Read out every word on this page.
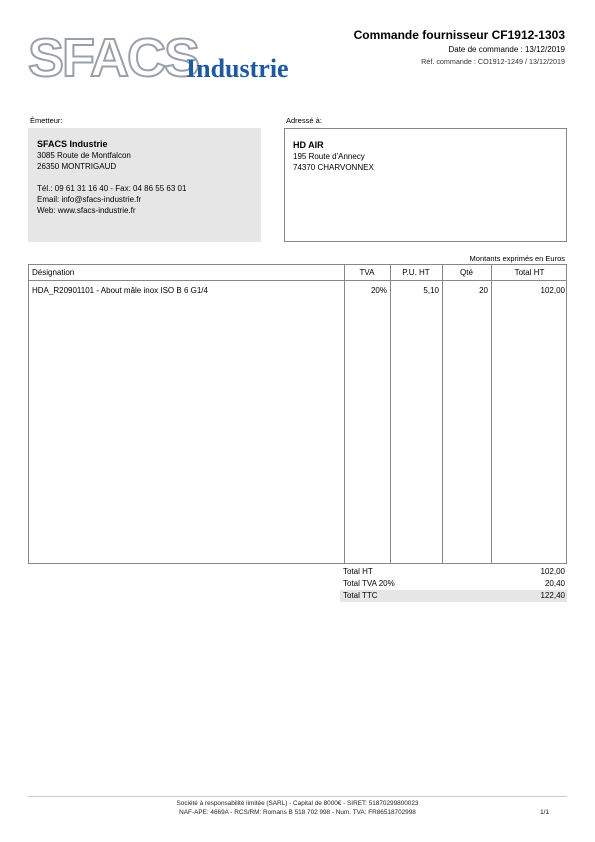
SFACS
Industrie
Commande fournisseur CF1912-1303
Date de commande : 13/12/2019
Réf. commande : CO1912-1249 / 13/12/2019
Émetteur:	Adressé à:
SFACS Industrie
3085 Route de Montfalcon
26350 MONTRIGAUD
Tél.: 09 61 31 16 40 - Fax: 04 86 55 63 01
Email: info@sfacs-industrie.fr
Web: www.sfacs-industrie.fr
HD AIR
195 Route d'Annecy
74370 CHARVONNEX
Montants exprimés en Euros
Désignation	TVA	P.U. HT	Qté	Total HT
HDA_R20901101 - About mâle inox ISO B 6 G1/4	20%	5,10	20	102,00
Total HT	102,00
Total TVA 20%	20,40
Total TTC	122,40
Société à responsabilité limitée (SARL) - Capital de 8000€ - SIRET: 51870299800023
NAF-APE: 4669A - RCS/RM: Romans B 518 702 998 - Num. TVA: FR86518702998	1/1
